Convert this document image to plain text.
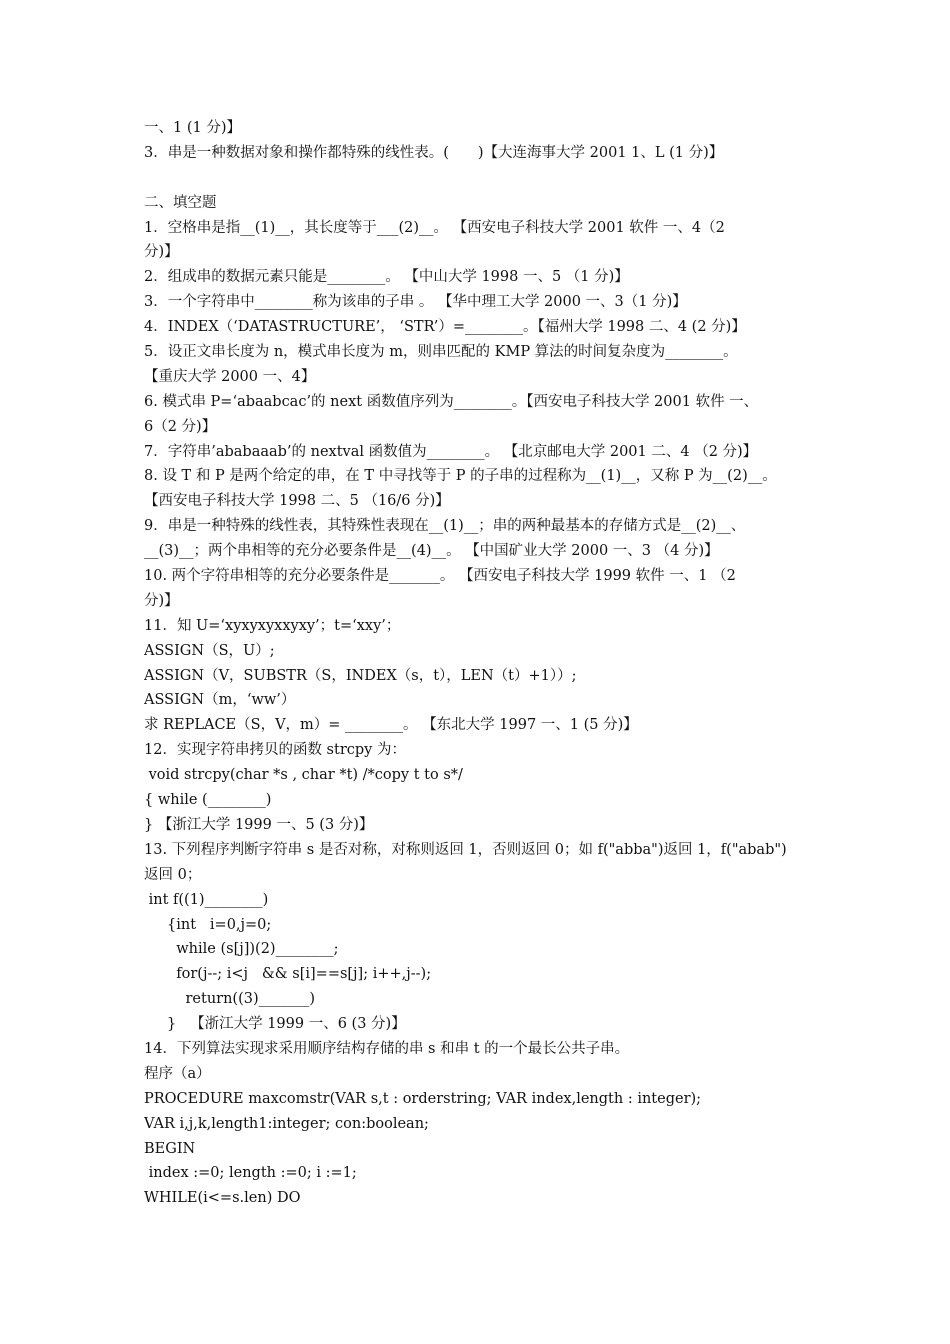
一、1 (1 分)】
3．串是一种数据对象和操作都特殊的线性表。(　　)【大连海事大学 2001 1、L (1 分)】
二、填空题
1．空格串是指__(1)__，其长度等于___(2)__。 【西安电子科技大学 2001 软件 一、4（2
分)】
2．组成串的数据元素只能是________。 【中山大学 1998 一、5 （1 分)】
3．一个字符串中________称为该串的子串 。 【华中理工大学 2000 一、3（1 分)】
4．INDEX（‘DATASTRUCTURE’， ‘STR’）=________。【福州大学 1998 二、4 (2 分)】
5．设正文串长度为 n，模式串长度为 m，则串匹配的 KMP 算法的时间复杂度为________。
【重庆大学 2000 一、4】
6. 模式串 P=‘abaabcac’的 next 函数值序列为________。【西安电子科技大学 2001 软件 一、
6（2 分)】
7．字符串’ababaaab’的 nextval 函数值为________。 【北京邮电大学 2001 二、4 （2 分)】
8. 设 T 和 P 是两个给定的串，在 T 中寻找等于 P 的子串的过程称为__(1)__，又称 P 为__(2)__。
【西安电子科技大学 1998 二、5 （16/6 分)】
9．串是一种特殊的线性表，其特殊性表现在__(1)__；串的两种最基本的存储方式是__(2)__、
__(3)__；两个串相等的充分必要条件是__(4)__。 【中国矿业大学 2000 一、3 （4 分)】
10. 两个字符串相等的充分必要条件是_______。 【西安电子科技大学 1999 软件 一、1 （2
分)】
11．知 U=‘xyxyxyxxyxy’；t=‘xxy’；
ASSIGN（S，U）;
ASSIGN（V，SUBSTR（S，INDEX（s，t），LEN（t）+1））;
ASSIGN（m，‘ww’）
求 REPLACE（S，V，m）= ________。 【东北大学 1997 一、1 (5 分)】
12．实现字符串拷贝的函数 strcpy 为：
void strcpy(char *s , char *t) /*copy t to s*/
{ while (________)
} 【浙江大学 1999 一、5 (3 分)】
13. 下列程序判断字符串 s 是否对称，对称则返回 1，否则返回 0；如 f("abba")返回 1，f("abab")
返回 0；
int f((1)________)
{int   i=0,j=0;
while (s[j])(2)________;
for(j--; i<j   && s[i]==s[j]; i++,j--);
return((3)_______)
}   【浙江大学 1999 一、6 (3 分)】
14．下列算法实现求采用顺序结构存储的串 s 和串 t 的一个最长公共子串。
程序（a）
PROCEDURE maxcomstr(VAR s,t : orderstring; VAR index,length : integer);
VAR i,j,k,length1:integer; con:boolean;
BEGIN
index :=0; length :=0; i :=1;
WHILE(i<=s.len) DO
